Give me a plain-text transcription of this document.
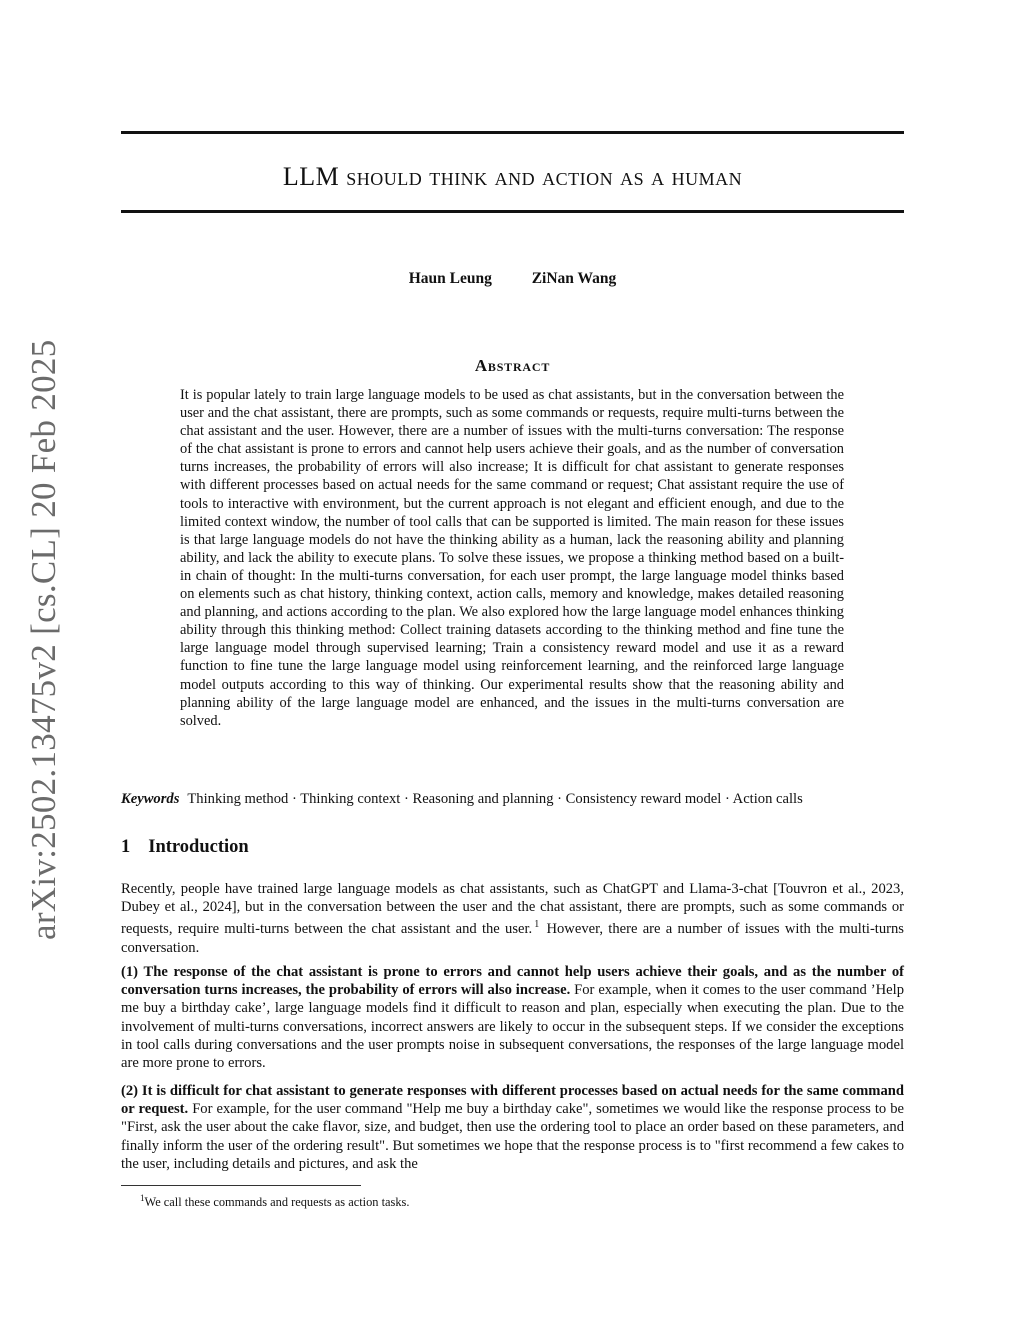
arXiv:2502.13475v2 [cs.CL] 20 Feb 2025
LLM should think and action as a human
Haun Leung	ZiNan Wang
Abstract
It is popular lately to train large language models to be used as chat assistants, but in the conversation between the user and the chat assistant, there are prompts, such as some commands or requests, require multi-turns between the chat assistant and the user. However, there are a number of issues with the multi-turns conversation: The response of the chat assistant is prone to errors and cannot help users achieve their goals, and as the number of conversation turns increases, the probability of errors will also increase; It is difficult for chat assistant to generate responses with different processes based on actual needs for the same command or request; Chat assistant require the use of tools to interactive with environment, but the current approach is not elegant and efficient enough, and due to the limited context window, the number of tool calls that can be supported is limited. The main reason for these issues is that large language models do not have the thinking ability as a human, lack the reasoning ability and planning ability, and lack the ability to execute plans. To solve these issues, we propose a thinking method based on a built-in chain of thought: In the multi-turns conversation, for each user prompt, the large language model thinks based on elements such as chat history, thinking context, action calls, memory and knowledge, makes detailed reasoning and planning, and actions according to the plan. We also explored how the large language model enhances thinking ability through this thinking method: Collect training datasets according to the thinking method and fine tune the large language model through supervised learning; Train a consistency reward model and use it as a reward function to fine tune the large language model using reinforcement learning, and the reinforced large language model outputs according to this way of thinking. Our experimental results show that the reasoning ability and planning ability of the large language model are enhanced, and the issues in the multi-turns conversation are solved.
Keywords Thinking method · Thinking context · Reasoning and planning · Consistency reward model · Action calls
1 Introduction
Recently, people have trained large language models as chat assistants, such as ChatGPT and Llama-3-chat [Touvron et al., 2023, Dubey et al., 2024], but in the conversation between the user and the chat assistant, there are prompts, such as some commands or requests, require multi-turns between the chat assistant and the user. $^1$ However, there are a number of issues with the multi-turns conversation.
(1) The response of the chat assistant is prone to errors and cannot help users achieve their goals, and as the number of conversation turns increases, the probability of errors will also increase. For example, when it comes to the user command ’Help me buy a birthday cake’, large language models find it difficult to reason and plan, especially when executing the plan. Due to the involvement of multi-turns conversations, incorrect answers are likely to occur in the subsequent steps. If we consider the exceptions in tool calls during conversations and the user prompts noise in subsequent conversations, the responses of the large language model are more prone to errors.
(2) It is difficult for chat assistant to generate responses with different processes based on actual needs for the same command or request. For example, for the user command "Help me buy a birthday cake", sometimes we would like the response process to be "First, ask the user about the cake flavor, size, and budget, then use the ordering tool to place an order based on these parameters, and finally inform the user of the ordering result". But sometimes we hope that the response process is to "first recommend a few cakes to the user, including details and pictures, and ask the
$^1$We call these commands and requests as action tasks.
